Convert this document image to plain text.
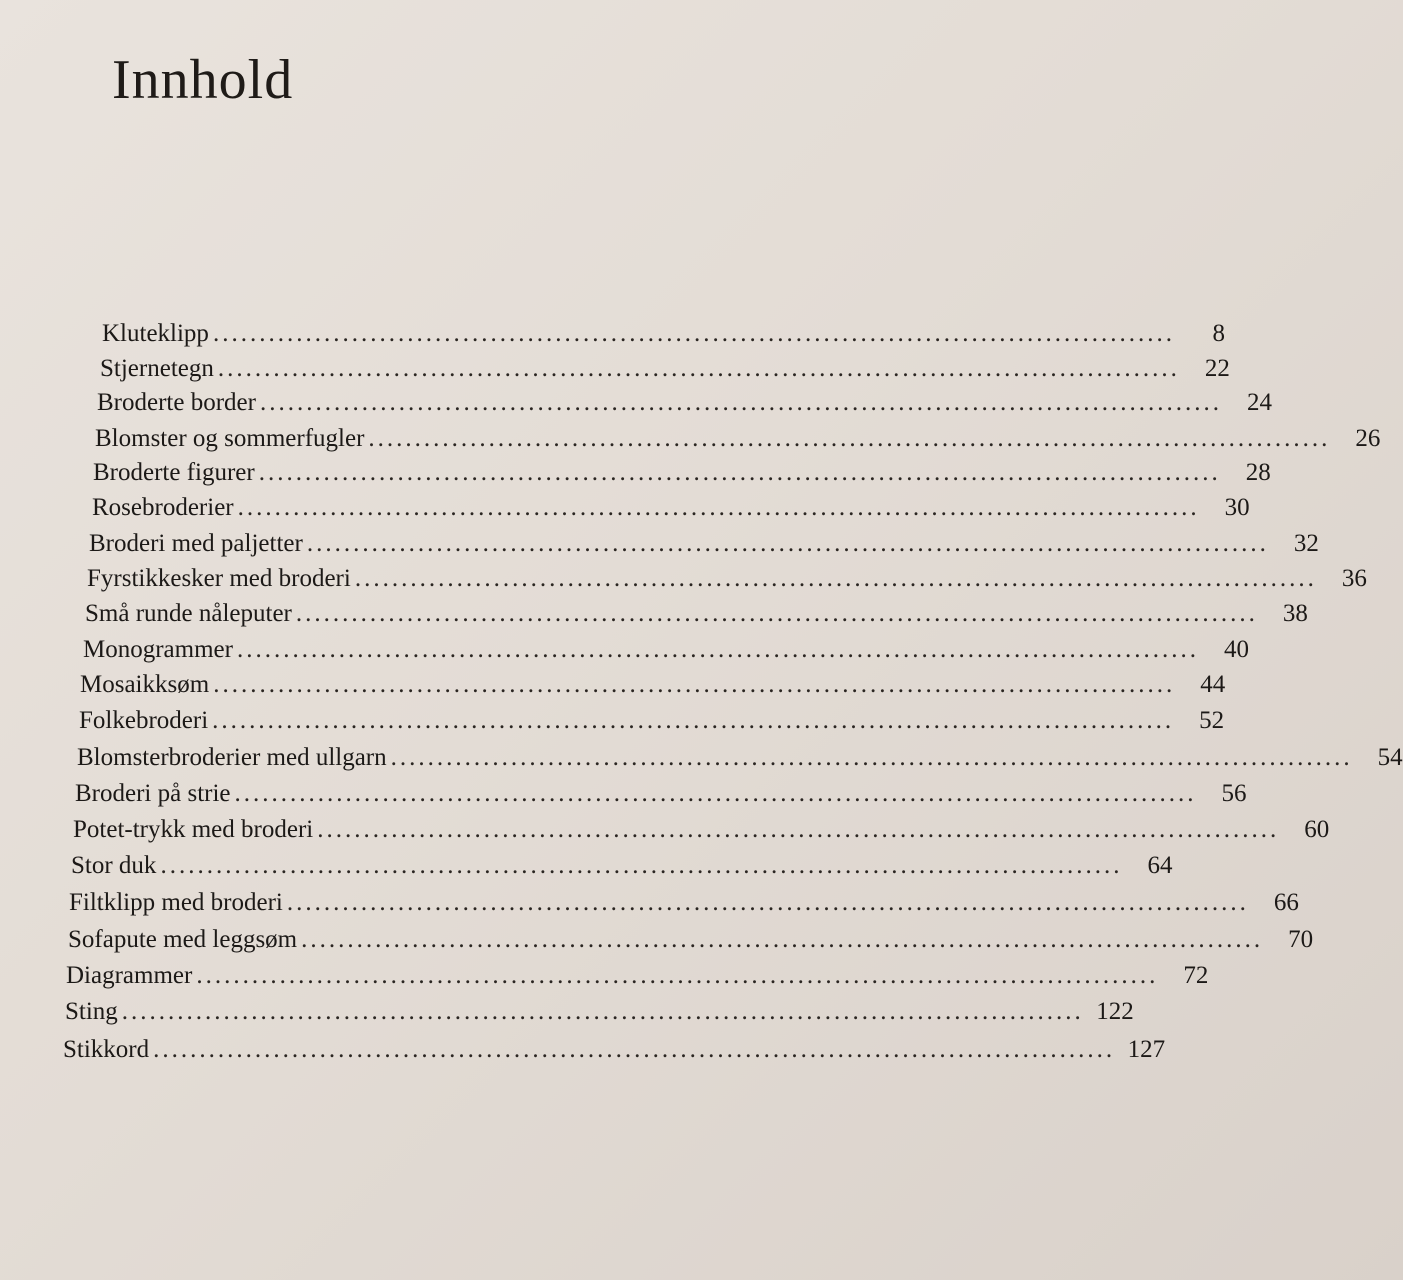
Innhold
Kluteklipp ........................................................................................................	8
Stjernetegn ........................................................................................................	22
Broderte border ........................................................................................................	24
Blomster og sommerfugler ........................................................................................................	26
Broderte figurer ........................................................................................................	28
Rosebroderier ........................................................................................................	30
Broderi med paljetter ........................................................................................................	32
Fyrstikkesker med broderi ........................................................................................................	36
Små runde nåleputer ........................................................................................................	38
Monogrammer ........................................................................................................	40
Mosaikksøm ........................................................................................................	44
Folkebroderi ........................................................................................................	52
Blomsterbroderier med ullgarn ........................................................................................................	54
Broderi på strie ........................................................................................................	56
Potet-trykk med broderi ........................................................................................................	60
Stor duk ........................................................................................................	64
Filtklipp med broderi ........................................................................................................	66
Sofapute med leggsøm ........................................................................................................	70
Diagrammer ........................................................................................................	72
Sting ........................................................................................................ 122
Stikkord ........................................................................................................ 127
